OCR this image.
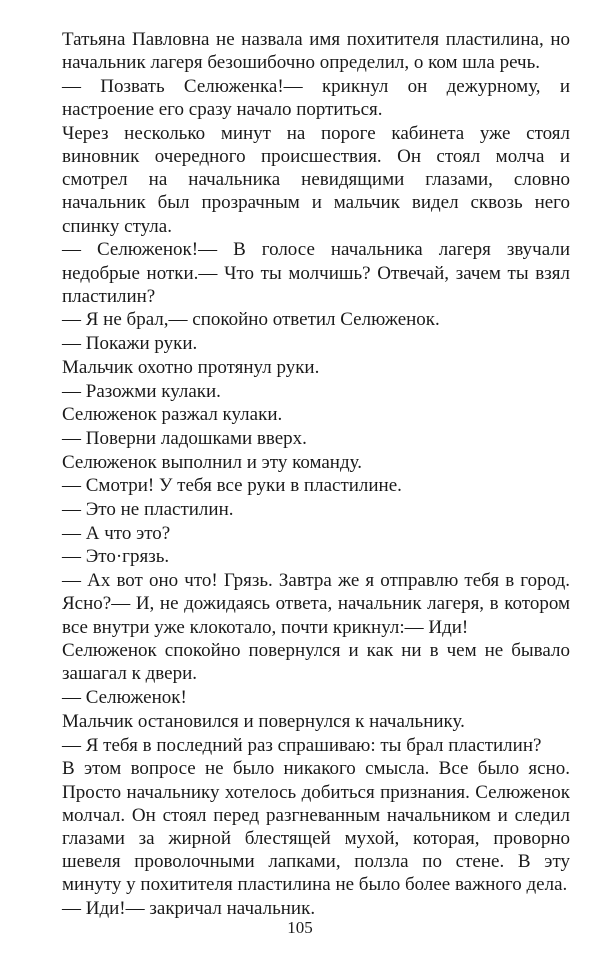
Татьяна Павловна не назвала имя похитителя пластилина, но начальник лагеря безошибочно определил, о ком шла речь.

— Позвать Селюженка!— крикнул он дежурному, и настроение его сразу начало портиться.

Через несколько минут на пороге кабинета уже стоял виновник очередного происшествия. Он стоял молча и смотрел на начальника невидящими глазами, словно начальник был прозрачным и мальчик видел сквозь него спинку стула.

— Селюженок!— В голосе начальника лагеря звучали недобрые нотки.— Что ты молчишь? Отвечай, зачем ты взял пластилин?

— Я не брал,— спокойно ответил Селюженок.

— Покажи руки.

Мальчик охотно протянул руки.

— Разожми кулаки.

Селюженок разжал кулаки.

— Поверни ладошками вверх.

Селюженок выполнил и эту команду.

— Смотри! У тебя все руки в пластилине.

— Это не пластилин.

— А что это?

— Это·грязь.

— Ах вот оно что! Грязь. Завтра же я отправлю тебя в город. Ясно?— И, не дожидаясь ответа, начальник лагеря, в котором все внутри уже клокотало, почти крикнул:— Иди!

Селюженок спокойно повернулся и как ни в чем не бывало зашагал к двери.

— Селюженок!

Мальчик остановился и повернулся к начальнику.

— Я тебя в последний раз спрашиваю: ты брал пластилин?

В этом вопросе не было никакого смысла. Все было ясно. Просто начальнику хотелось добиться признания. Селюженок молчал. Он стоял перед разгневанным начальником и следил глазами за жирной блестящей мухой, которая, проворно шевеля проволочными лапками, ползла по стене. В эту минуту у похитителя пластилина не было более важного дела.

— Иди!— закричал начальник.

105
